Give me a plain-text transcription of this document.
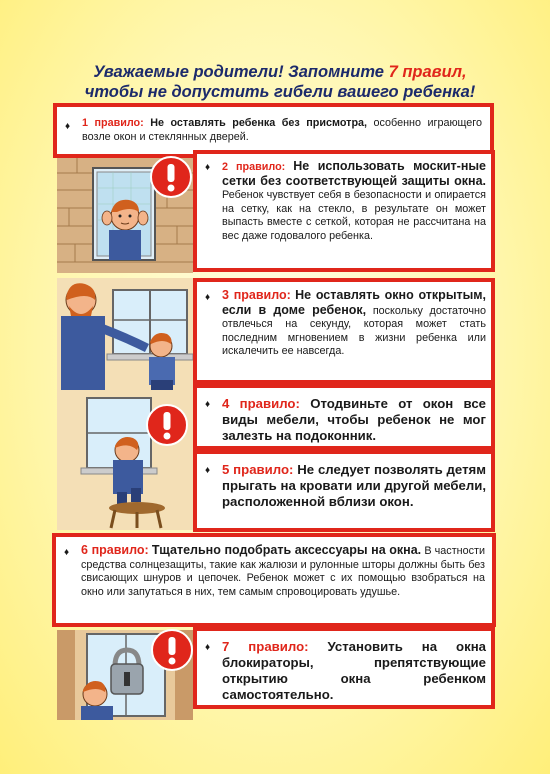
Уважаемые родители! Запомните 7 правил,
чтобы не допустить гибели вашего ребенка!
♦ 1 правило: Не оставлять ребенка без присмотра, особенно играющего возле окон и стеклянных дверей.
♦ 2 правило: Не использовать москит-ные сетки без соответствующей защиты окна. Ребенок чувствует себя в безопасности и опирается на сетку, как на стекло, в результате он может выпасть вместе с сеткой, которая не рассчитана на вес даже годовалого ребенка.
♦ 3 правило: Не оставлять окно открытым, если в доме ребенок, поскольку достаточно отвлечься на секунду, которая может стать последним мгновением в жизни ребенка или искалечить ее навсегда.
♦ 4 правило: Отодвиньте от окон все виды мебели, чтобы ребенок не мог залезть на подоконник.
♦ 5 правило: Не следует позволять детям прыгать на кровати или другой мебели, расположенной вблизи окон.
♦ 6 правило: Тщательно подобрать аксессуары на окна. В частности средства солнцезащиты, такие как жалюзи и рулонные шторы должны быть без свисающих шнуров и цепочек. Ребенок может с их помощью взобраться на окно или запутаться в них, тем самым спровоцировать удушье.
♦ 7 правило: Установить на окна блокираторы, препятствующие открытию окна ребенком самостоятельно.
